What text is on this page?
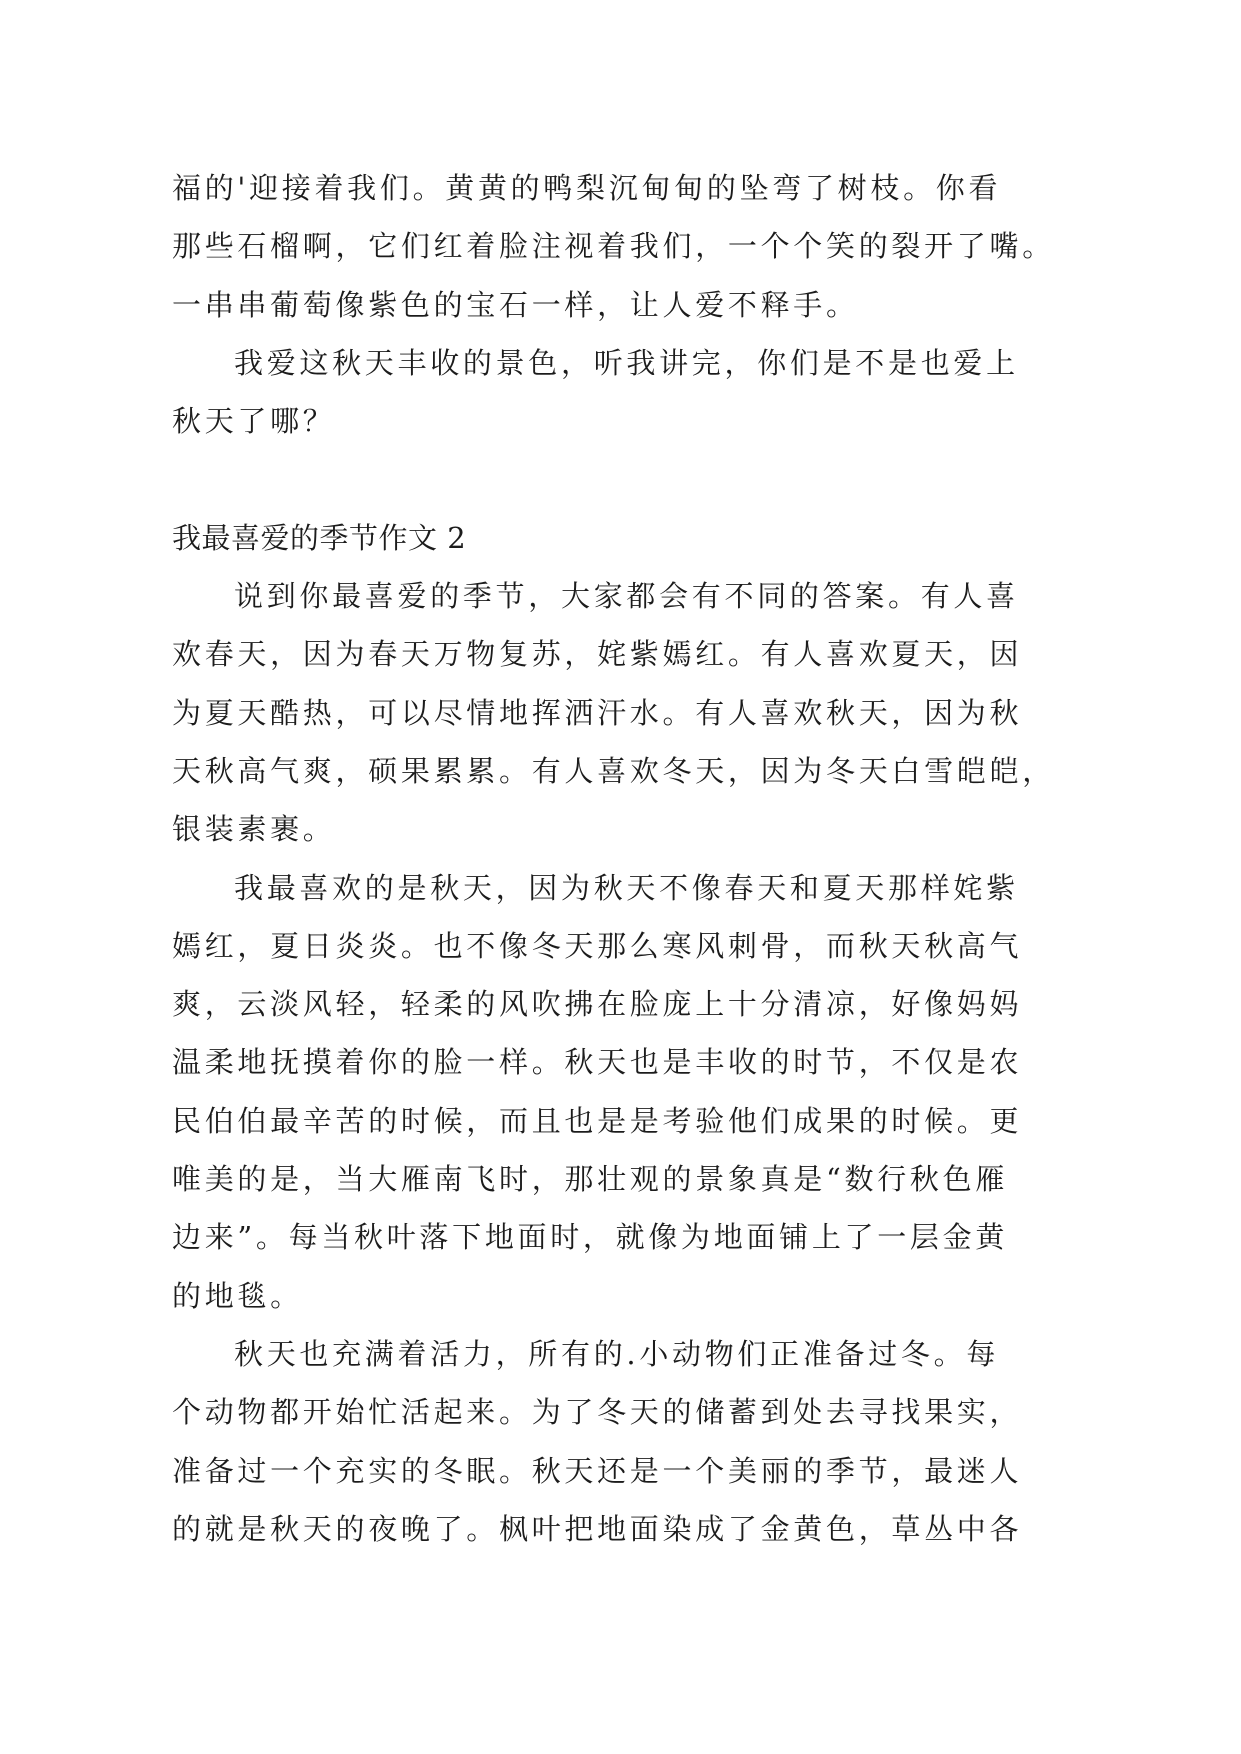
福的'迎接着我们。黄黄的鸭梨沉甸甸的坠弯了树枝。你看
那些石榴啊，它们红着脸注视着我们，一个个笑的裂开了嘴。
一串串葡萄像紫色的宝石一样，让人爱不释手。
我爱这秋天丰收的景色，听我讲完，你们是不是也爱上
秋天了哪？
我最喜爱的季节作文 2
说到你最喜爱的季节，大家都会有不同的答案。有人喜
欢春天，因为春天万物复苏，姹紫嫣红。有人喜欢夏天，因
为夏天酷热，可以尽情地挥洒汗水。有人喜欢秋天，因为秋
天秋高气爽，硕果累累。有人喜欢冬天，因为冬天白雪皑皑，
银装素裹。
我最喜欢的是秋天，因为秋天不像春天和夏天那样姹紫
嫣红，夏日炎炎。也不像冬天那么寒风刺骨，而秋天秋高气
爽，云淡风轻，轻柔的风吹拂在脸庞上十分清凉，好像妈妈
温柔地抚摸着你的脸一样。秋天也是丰收的时节，不仅是农
民伯伯最辛苦的时候，而且也是是考验他们成果的时候。更
唯美的是，当大雁南飞时，那壮观的景象真是“数行秋色雁
边来”。每当秋叶落下地面时，就像为地面铺上了一层金黄
的地毯。
秋天也充满着活力，所有的.小动物们正准备过冬。每
个动物都开始忙活起来。为了冬天的储蓄到处去寻找果实，
准备过一个充实的冬眠。秋天还是一个美丽的季节，最迷人
的就是秋天的夜晚了。枫叶把地面染成了金黄色，草丛中各
